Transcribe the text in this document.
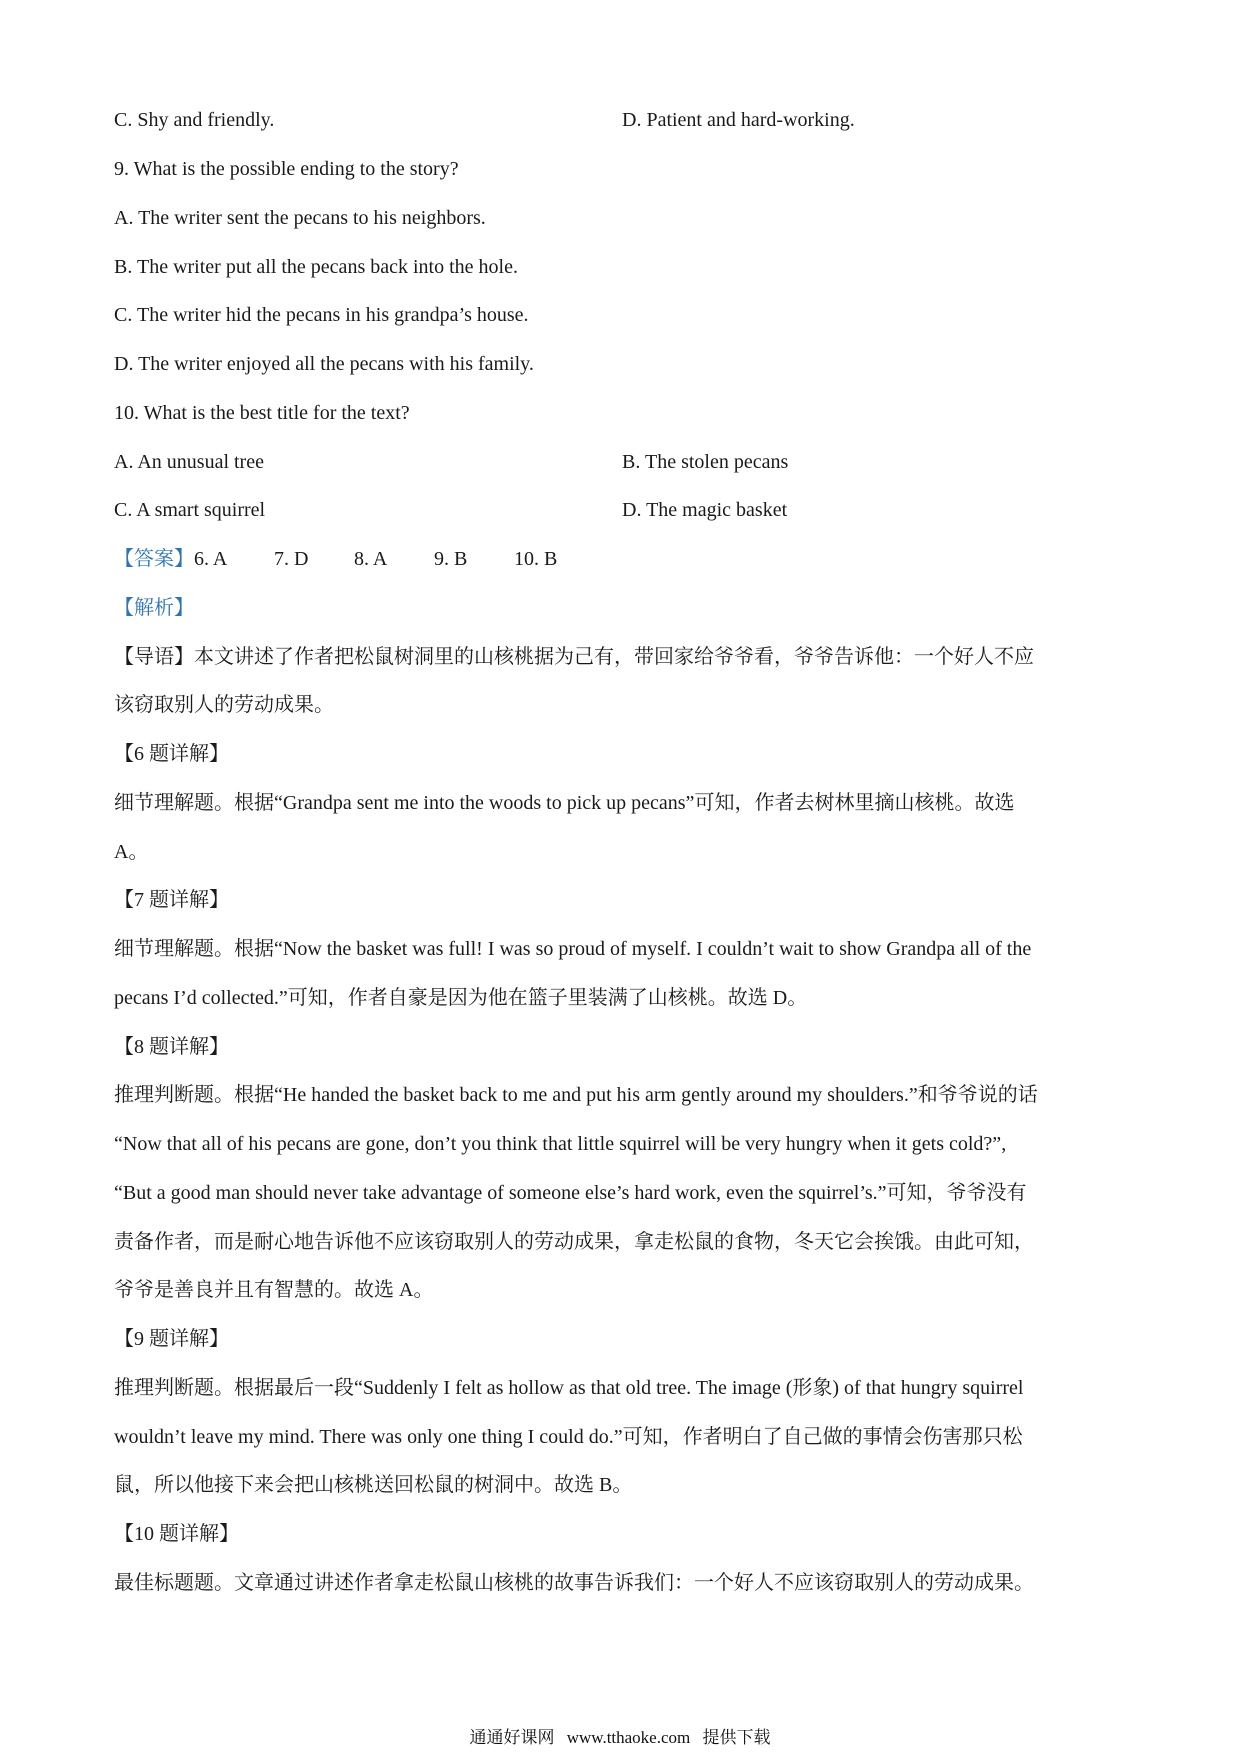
C. Shy and friendly.	D. Patient and hard-working.
9. What is the possible ending to the story?
A. The writer sent the pecans to his neighbors.
B. The writer put all the pecans back into the hole.
C. The writer hid the pecans in his grandpa’s house.
D. The writer enjoyed all the pecans with his family.
10. What is the best title for the text?
A. An unusual tree	B. The stolen pecans
C. A smart squirrel	D. The magic basket
【答案】6. A 7. D 8. A 9. B 10. B
【解析】
【导语】本文讲述了作者把松鼠树洞里的山核桃据为己有，带回家给爷爷看，爷爷告诉他：一个好人不应
该窃取别人的劳动成果。
【6 题详解】
细节理解题。根据“Grandpa sent me into the woods to pick up pecans”可知，作者去树林里摘山核桃。故选
A。
【7 题详解】
细节理解题。根据“Now the basket was full! I was so proud of myself. I couldn’t wait to show Grandpa all of the
pecans I’d collected.”可知，作者自豪是因为他在篮子里装满了山核桃。故选 D。
【8 题详解】
推理判断题。根据“He handed the basket back to me and put his arm gently around my shoulders.”和爷爷说的话
“Now that all of his pecans are gone, don’t you think that little squirrel will be very hungry when it gets cold?”,
“But a good man should never take advantage of someone else’s hard work, even the squirrel’s.”可知，爷爷没有
责备作者，而是耐心地告诉他不应该窃取别人的劳动成果，拿走松鼠的食物，冬天它会挨饿。由此可知，
爷爷是善良并且有智慧的。故选 A。
【9 题详解】
推理判断题。根据最后一段“Suddenly I felt as hollow as that old tree. The image (形象) of that hungry squirrel
wouldn’t leave my mind. There was only one thing I could do.”可知，作者明白了自己做的事情会伤害那只松
鼠，所以他接下来会把山核桃送回松鼠的树洞中。故选 B。
【10 题详解】
最佳标题题。文章通过讲述作者拿走松鼠山核桃的故事告诉我们：一个好人不应该窃取别人的劳动成果。
通通好课网 www.tthaoke.com 提供下载
